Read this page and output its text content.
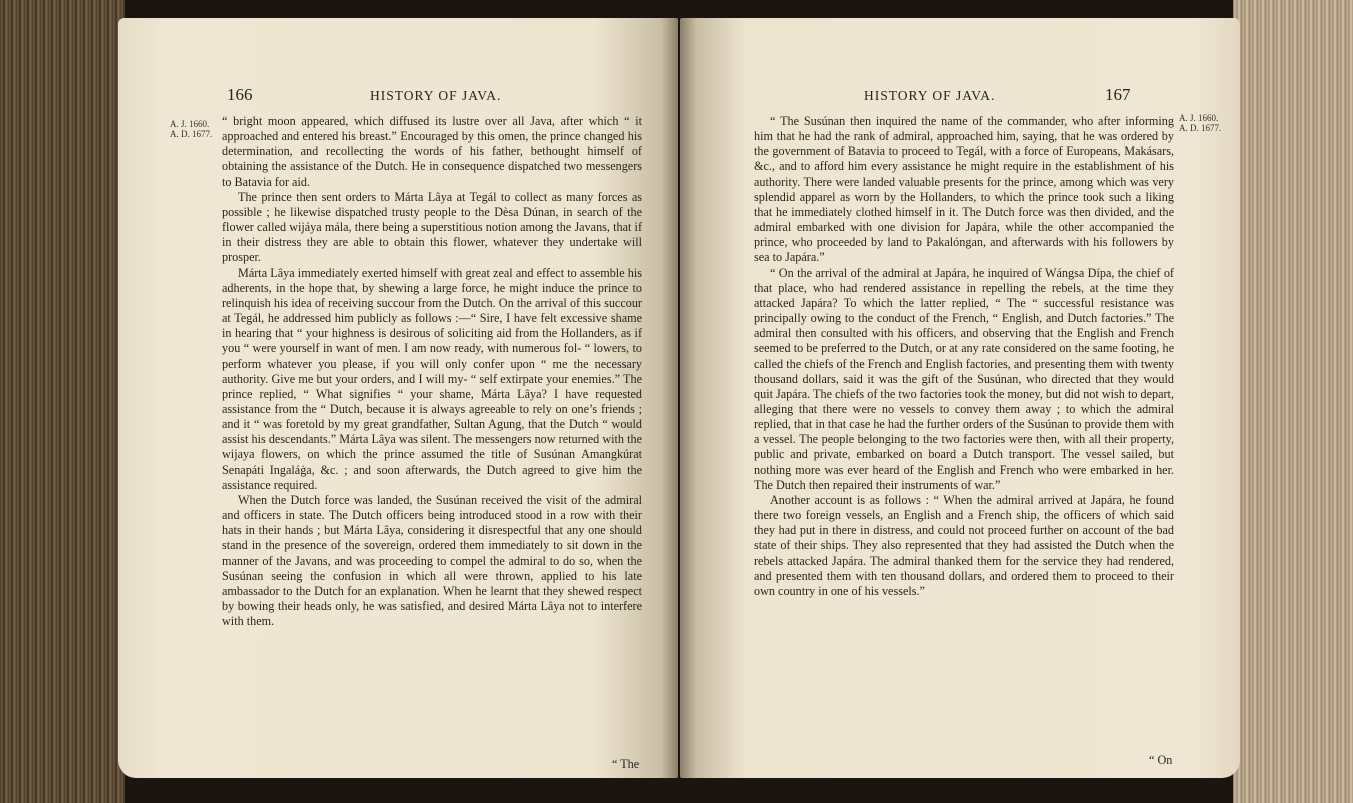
166	HISTORY OF JAVA.
A. J. 1660.
A. D. 1677.

“ bright moon appeared, which diffused its lustre over all Java, after which “ it approached and entered his breast.” Encouraged by this omen, the prince changed his determination, and recollecting the words of his father, bethought himself of obtaining the assistance of the Dutch. He in consequence dispatched two messengers to Batavia for aid.

The prince then sent orders to Márta Lâya at Tegál to collect as many forces as possible ; he likewise dispatched trusty people to the Dèsa Dúnan, in search of the flower called wijáya mála, there being a superstitious notion among the Javans, that if in their distress they are able to obtain this flower, whatever they undertake will prosper.

Márta Lâya immediately exerted himself with great zeal and effect to assemble his adherents, in the hope that, by shewing a large force, he might induce the prince to relinquish his idea of receiving succour from the Dutch. On the arrival of this succour at Tegál, he addressed him publicly as follows :—“ Sire, I have felt excessive shame in hearing that “ your highness is desirous of soliciting aid from the Hollanders, as if you “ were yourself in want of men. I am now ready, with numerous fol- “ lowers, to perform whatever you please, if you will only confer upon “ me the necessary authority. Give me but your orders, and I will my- “ self extirpate your enemies.” The prince replied, “ What signifies “ your shame, Márta Lâya? I have requested assistance from the “ Dutch, because it is always agreeable to rely on one’s friends ; and it “ was foretold by my great grandfather, Sultan Agung, that the Dutch “ would assist his descendants.” Márta Lâya was silent. The messengers now returned with the wijaya flowers, on which the prince assumed the title of Susúnan Amangkúrat Senapáti Ingaláġa, &c. ; and soon afterwards, the Dutch agreed to give him the assistance required.

When the Dutch force was landed, the Susúnan received the visit of the admiral and officers in state. The Dutch officers being introduced stood in a row with their hats in their hands ; but Márta Lâya, considering it disrespectful that any one should stand in the presence of the sovereign, ordered them immediately to sit down in the manner of the Javans, and was proceeding to compel the admiral to do so, when the Susúnan seeing the confusion in which all were thrown, applied to his late ambassador to the Dutch for an explanation. When he learnt that they shewed respect by bowing their heads only, he was satisfied, and desired Márta Lâya not to interfere with them.

“ The
HISTORY OF JAVA.	167
A. J. 1660.
A. D. 1677.

“ The Susúnan then inquired the name of the commander, who after informing him that he had the rank of admiral, approached him, saying, that he was ordered by the government of Batavia to proceed to Tegál, with a force of Europeans, Makásars, &c., and to afford him every assistance he might require in the establishment of his authority. There were landed valuable presents for the prince, among which was very splendid apparel as worn by the Hollanders, to which the prince took such a liking that he immediately clothed himself in it. The Dutch force was then divided, and the admiral embarked with one division for Japára, while the other accompanied the prince, who proceeded by land to Pakalóngan, and afterwards with his followers by sea to Japára.”

“ On the arrival of the admiral at Japára, he inquired of Wángsa Dípa, the chief of that place, who had rendered assistance in repelling the rebels, at the time they attacked Japára? To which the latter replied, “ The “ successful resistance was principally owing to the conduct of the French, “ English, and Dutch factories.” The admiral then consulted with his officers, and observing that the English and French seemed to be preferred to the Dutch, or at any rate considered on the same footing, he called the chiefs of the French and English factories, and presenting them with twenty thousand dollars, said it was the gift of the Susúnan, who directed that they would quit Japára. The chiefs of the two factories took the money, but did not wish to depart, alleging that there were no vessels to convey them away ; to which the admiral replied, that in that case he had the further orders of the Susúnan to provide them with a vessel. The people belonging to the two factories were then, with all their property, public and private, embarked on board a Dutch transport. The vessel sailed, but nothing more was ever heard of the English and French who were embarked in her. The Dutch then repaired their instruments of war.”

Another account is as follows : “ When the admiral arrived at Japára, he found there two foreign vessels, an English and a French ship, the officers of which said they had put in there in distress, and could not proceed further on account of the bad state of their ships. They also represented that they had assisted the Dutch when the rebels attacked Japára. The admiral thanked them for the service they had rendered, and presented them with ten thousand dollars, and ordered them to proceed to their own country in one of his vessels.”

“ On
